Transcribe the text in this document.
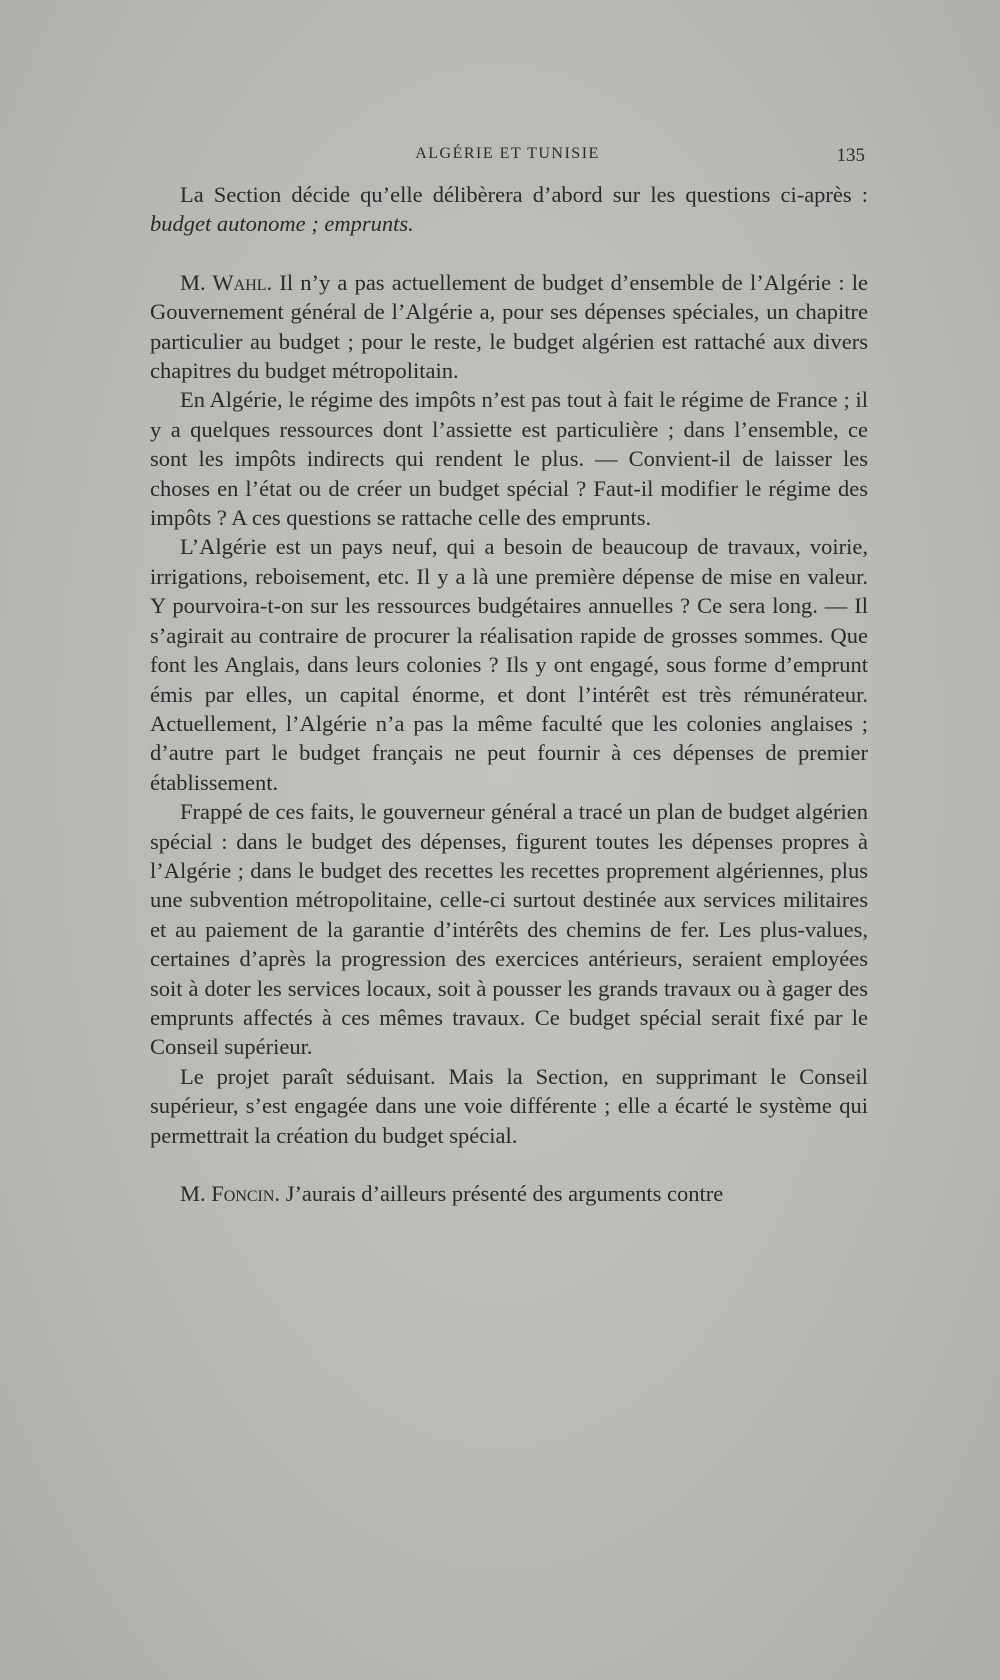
ALGÉRIE ET TUNISIE	135

La Section décide qu’elle délibèrera d’abord sur les questions ci-après : budget autonome ; emprunts.

M. Wahl. Il n’y a pas actuellement de budget d’ensemble de l’Algérie : le Gouvernement général de l’Algérie a, pour ses dépenses spéciales, un chapitre particulier au budget ; pour le reste, le budget algérien est rattaché aux divers chapitres du budget métropolitain.

En Algérie, le régime des impôts n’est pas tout à fait le régime de France ; il y a quelques ressources dont l’assiette est particulière ; dans l’ensemble, ce sont les impôts indirects qui rendent le plus. — Convient-il de laisser les choses en l’état ou de créer un budget spécial ? Faut-il modifier le régime des impôts ? A ces questions se rattache celle des emprunts.

L’Algérie est un pays neuf, qui a besoin de beaucoup de travaux, voirie, irrigations, reboisement, etc. Il y a là une première dépense de mise en valeur. Y pourvoira-t-on sur les ressources budgétaires annuelles ? Ce sera long. — Il s’agirait au contraire de procurer la réalisation rapide de grosses sommes. Que font les Anglais, dans leurs colonies ? Ils y ont engagé, sous forme d’emprunt émis par elles, un capital énorme, et dont l’intérêt est très rémunérateur. Actuellement, l’Algérie n’a pas la même faculté que les colonies anglaises ; d’autre part le budget français ne peut fournir à ces dépenses de premier établissement.

Frappé de ces faits, le gouverneur général a tracé un plan de budget algérien spécial : dans le budget des dépenses, figurent toutes les dépenses propres à l’Algérie ; dans le budget des recettes les recettes proprement algériennes, plus une subvention métropolitaine, celle-ci surtout destinée aux services militaires et au paiement de la garantie d’intérêts des chemins de fer. Les plus-values, certaines d’après la progression des exercices antérieurs, seraient employées soit à doter les services locaux, soit à pousser les grands travaux ou à gager des emprunts affectés à ces mêmes travaux. Ce budget spécial serait fixé par le Conseil supérieur.

Le projet paraît séduisant. Mais la Section, en supprimant le Conseil supérieur, s’est engagée dans une voie différente ; elle a écarté le système qui permettrait la création du budget spécial.

M. Foncin. J’aurais d’ailleurs présenté des arguments contre
